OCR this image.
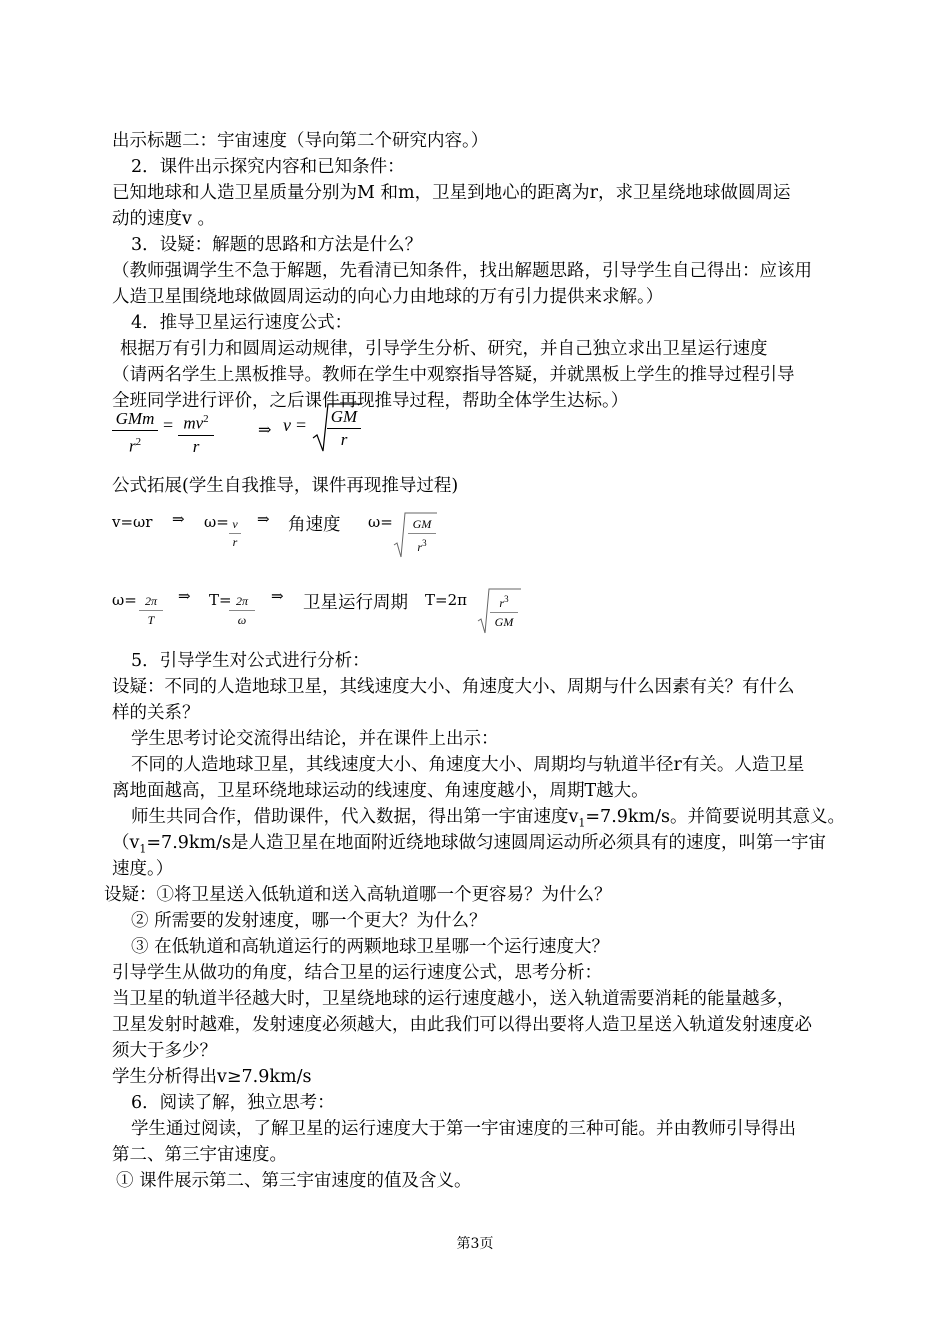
出示标题二：宇宙速度（导向第二个研究内容。）
2．课件出示探究内容和已知条件：
已知地球和人造卫星质量分别为M 和m，卫星到地心的距离为r，求卫星绕地球做圆周运
动的速度v 。
3．设疑：解题的思路和方法是什么？
（教师强调学生不急于解题，先看清已知条件，找出解题思路，引导学生自己得出：应该用
人造卫星围绕地球做圆周运动的向心力由地球的万有引力提供来求解。）
4．推导卫星运行速度公式：
根据万有引力和圆周运动规律，引导学生分析、研究，并自己独立求出卫星运行速度
（请两名学生上黑板推导。教师在学生中观察指导答疑，并就黑板上学生的推导过程引导
全班同学进行评价，之后课件再现推导过程，帮助全体学生达标。）
GMm
$r^2$
= $mv^2$
r
⇒ v = GM
r
公式拓展(学生自我推导，课件再现推导过程)
v=ωr ⇒ ω= v
r
⇒ 角速度 ω=	GM
$r^3$
ω= 2π
T
⇒ T= 2π
ω
⇒ 卫星运行周期 T=2π	$r^3$
GM
5．引导学生对公式进行分析：
设疑：不同的人造地球卫星，其线速度大小、角速度大小、周期与什么因素有关？有什么
样的关系？
学生思考讨论交流得出结论，并在课件上出示：
不同的人造地球卫星，其线速度大小、角速度大小、周期均与轨道半径r有关。人造卫星
离地面越高，卫星环绕地球运动的线速度、角速度越小，周期T越大。
师生共同合作，借助课件，代入数据，得出第一宇宙速度$v_1=7.9km/s$。并简要说明其意义。
（$v_1=7.9km/s$是人造卫星在地面附近绕地球做匀速圆周运动所必须具有的速度，叫第一宇宙
速度。）
设疑：①将卫星送入低轨道和送入高轨道哪一个更容易？为什么？
② 所需要的发射速度，哪一个更大？为什么？
③ 在低轨道和高轨道运行的两颗地球卫星哪一个运行速度大？
引导学生从做功的角度，结合卫星的运行速度公式，思考分析：
当卫星的轨道半径越大时，卫星绕地球的运行速度越小，送入轨道需要消耗的能量越多，
卫星发射时越难，发射速度必须越大，由此我们可以得出要将人造卫星送入轨道发射速度必
须大于多少？
学生分析得出v≥7.9km/s
6．阅读了解，独立思考：
学生通过阅读，了解卫星的运行速度大于第一宇宙速度的三种可能。并由教师引导得出
第二、第三宇宙速度。
① 课件展示第二、第三宇宙速度的值及含义。
第3页
